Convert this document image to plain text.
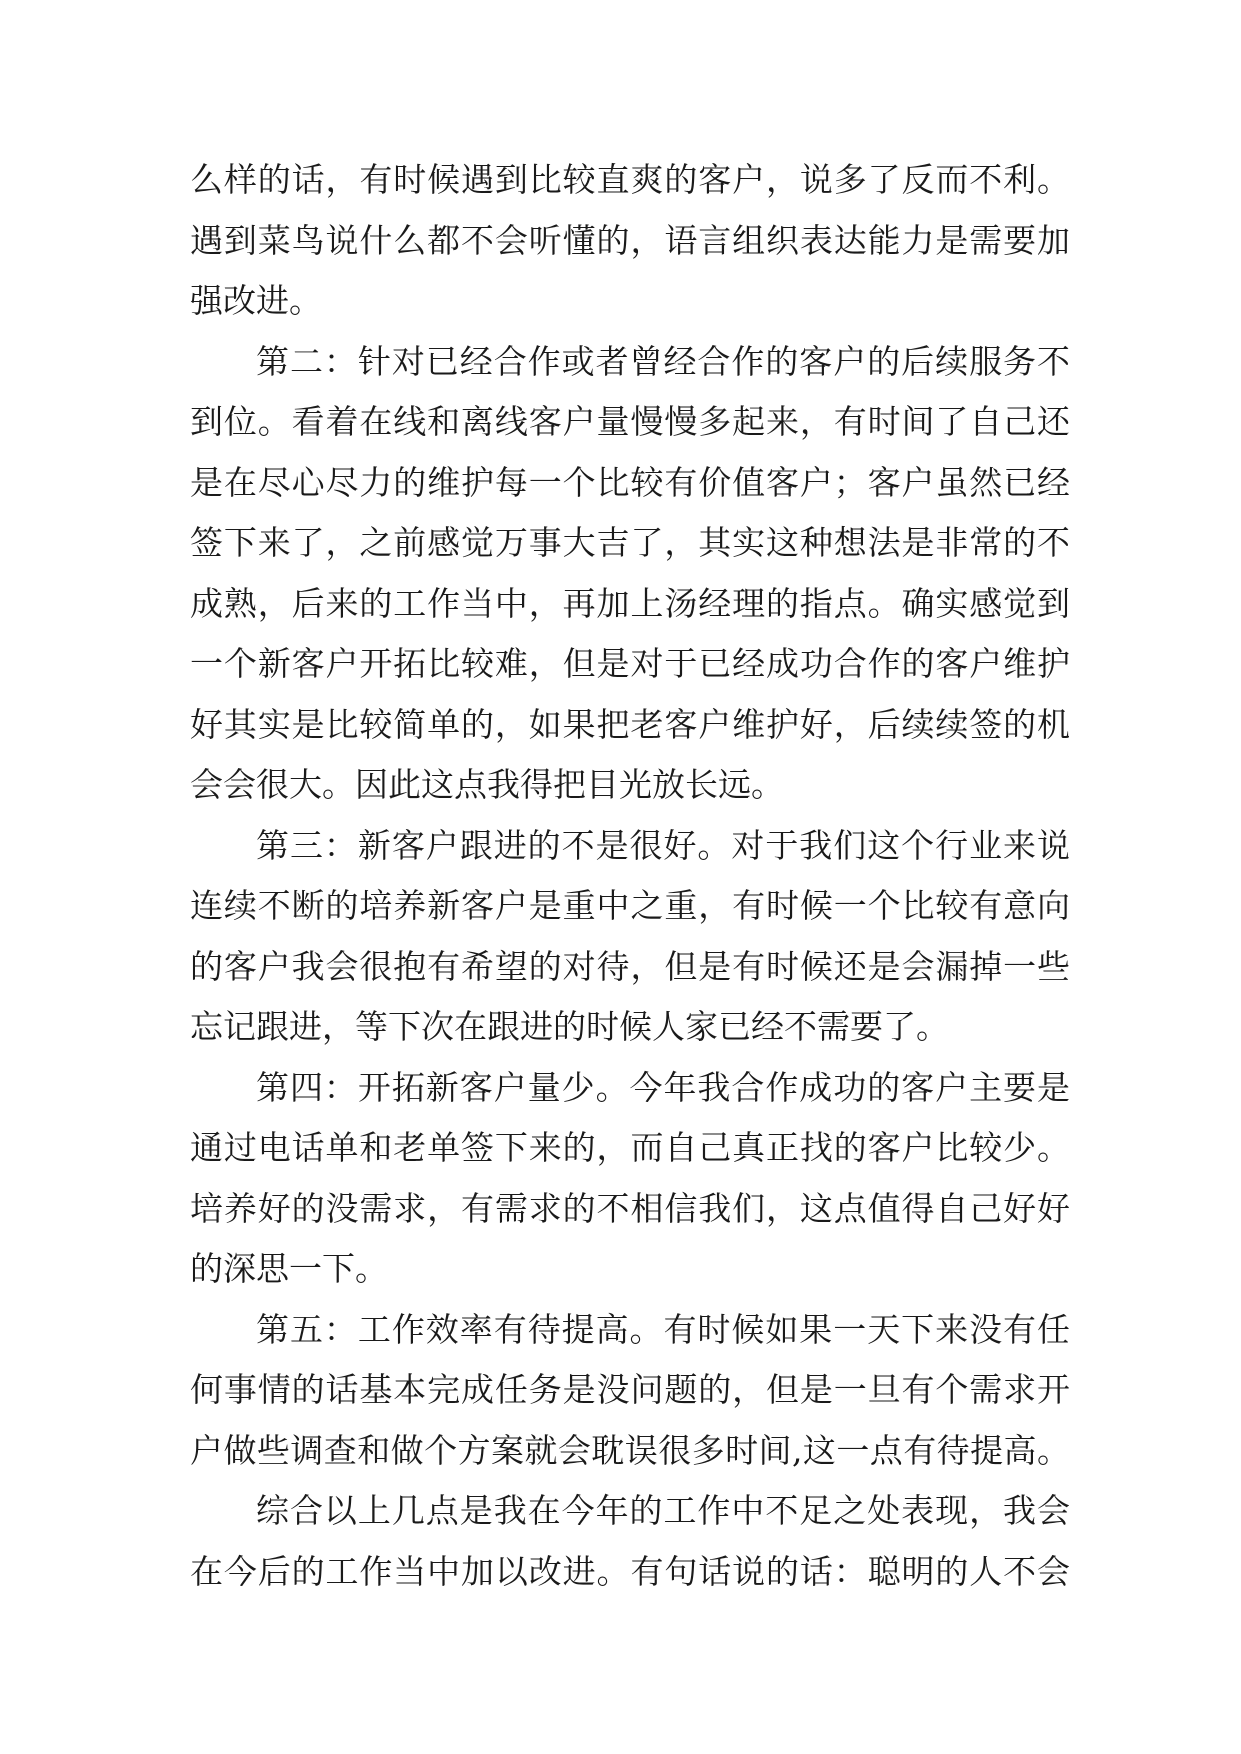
么样的话，有时候遇到比较直爽的客户，说多了反而不利。
遇到菜鸟说什么都不会听懂的，语言组织表达能力是需要加
强改进。
第二：针对已经合作或者曾经合作的客户的后续服务不
到位。看着在线和离线客户量慢慢多起来，有时间了自己还
是在尽心尽力的维护每一个比较有价值客户；客户虽然已经
签下来了，之前感觉万事大吉了，其实这种想法是非常的不
成熟，后来的工作当中，再加上汤经理的指点。确实感觉到
一个新客户开拓比较难，但是对于已经成功合作的客户维护
好其实是比较简单的，如果把老客户维护好，后续续签的机
会会很大。因此这点我得把目光放长远。
第三：新客户跟进的不是很好。对于我们这个行业来说
连续不断的培养新客户是重中之重，有时候一个比较有意向
的客户我会很抱有希望的对待，但是有时候还是会漏掉一些
忘记跟进，等下次在跟进的时候人家已经不需要了。
第四：开拓新客户量少。今年我合作成功的客户主要是
通过电话单和老单签下来的，而自己真正找的客户比较少。
培养好的没需求，有需求的不相信我们，这点值得自己好好
的深思一下。
第五：工作效率有待提高。有时候如果一天下来没有任
何事情的话基本完成任务是没问题的，但是一旦有个需求开
户做些调查和做个方案就会耽误很多时间,这一点有待提高。
综合以上几点是我在今年的工作中不足之处表现，我会
在今后的工作当中加以改进。有句话说的话：聪明的人不会
